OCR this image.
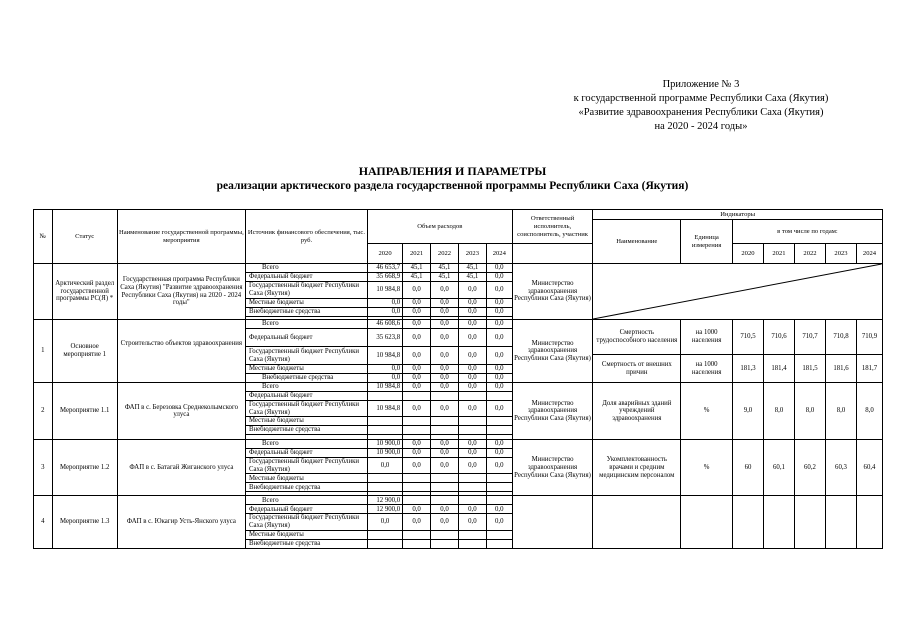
Приложение № 3
к государственной программе Республики Саха (Якутия)
«Развитие здравоохранения Республики Саха (Якутия)
на 2020 - 2024 годы»
НАПРАВЛЕНИЯ И ПАРАМЕТРЫ
реализации арктического раздела государственной программы Республики Саха (Якутия)
№	Статус	Наименование государственной программы, мероприятия	Источник финансового обеспечения, тыс. руб.	Объем расходов					Ответственный исполнитель, соисполнитель, участник	Индикаторы						
										Наименование	Единица измерения	в том числе по годам:				
				2020	2021	2022	2023	2024				2020	2021	2022	2023	2024
	Арктический раздел государственной программы РС(Я) *	Государственная программа Республики Саха (Якутия) "Развитие здравоохранения Республики Саха (Якутия) на 2020 - 2024 годы"	Всего	46 653,7	45,1	45,1	45,1	0,0	Министерство здравоохранения Республики Саха (Якутия)	

			Федеральный бюджет	35 668,9	45,1	45,1	45,1	0,0								
			Государственный бюджет Республики Саха (Якутия)	10 984,8	0,0	0,0	0,0	0,0								
			Местные бюджеты	0,0	0,0	0,0	0,0	0,0								
			Внебюджетные средства	0,0	0,0	0,0	0,0	0,0								

1	Основное мероприятие 1	Строительство объектов здравоохранения	Всего	46 608,6	0,0	0,0	0,0	0,0	Министерство здравоохранения Республики Саха (Якутия)	Смертность трудоспособного населения	на 1000 населения	710,5	710,6	710,7	710,8	710,9
			Федеральный бюджет	35 623,8	0,0	0,0	0,0	0,0								
			Государственный бюджет Республики Саха (Якутия)	10 984,8	0,0	0,0	0,0	0,0								
										Смертность от внешних причин	на 1000 населения	181,3	181,4	181,5	181,6	181,7
			Местные бюджеты	0,0	0,0	0,0	0,0	0,0								
			Внебюджетные средства	0,0	0,0	0,0	0,0	0,0								
2	Мероприятие 1.1	ФАП в с. Березовка Среднеколымского улуса	Всего	10 984,8	0,0	0,0	0,0	0,0	Министерство здравоохранения Республики Саха (Якутия)	Доля аварийных зданий учреждений здравоохранения	%	9,0	8,0	8,0	8,0	8,0
			Федеральный бюджет													
			Государственный бюджет Республики Саха (Якутия)	10 984,8	0,0	0,0	0,0	0,0								
			Местные бюджеты													
			Внебюджетные средства													

3	Мероприятие 1.2	ФАП в с. Батагай Жиганского улуса	Всего	10 900,0	0,0	0,0	0,0	0,0	Министерство здравоохранения Республики Саха (Якутия)	Укомплектованность врачами и средним медицинским персоналом	%	60	60,1	60,2	60,3	60,4
			Федеральный бюджет	10 900,0	0,0	0,0	0,0	0,0								
			Государственный бюджет Республики Саха (Якутия)	0,0	0,0	0,0	0,0	0,0								
			Местные бюджеты													
			Внебюджетные средства													

4	Мероприятие 1.3	ФАП в с. Юкагир Усть-Янского улуса	Всего	12 900,0												
			Федеральный бюджет	12 900,0	0,0	0,0	0,0	0,0								
			Государственный бюджет Республики Саха (Якутия)	0,0	0,0	0,0	0,0	0,0								
			Местные бюджеты													
			Внебюджетные средства													
